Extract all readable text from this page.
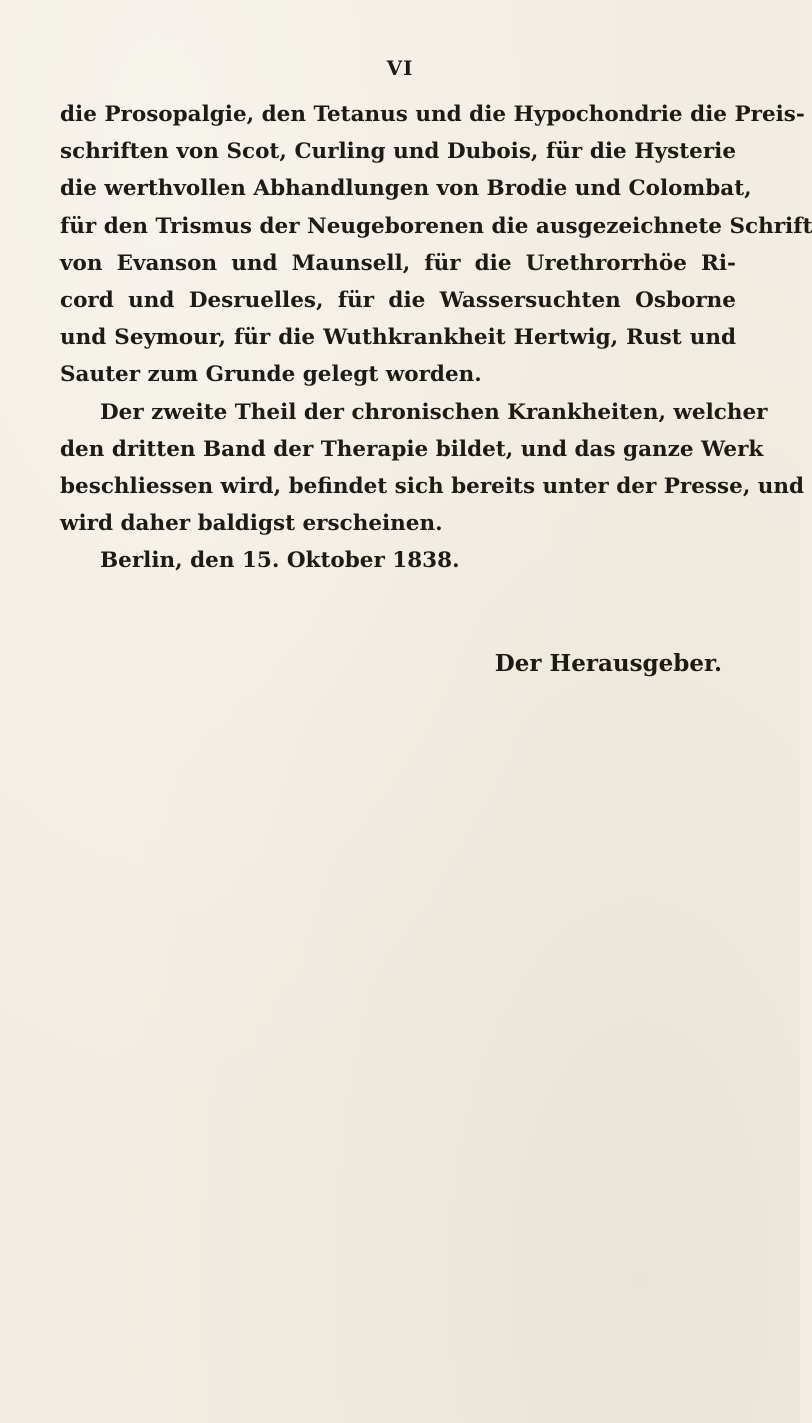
VI
die Prosopalgie, den Tetanus und die Hypochondrie die Preis-
schriften von Scot, Curling und Dubois, für die Hysterie
die werthvollen Abhandlungen von Brodie und Colombat,
für den Trismus der Neugeborenen die ausgezeichnete Schrift
von Evanson und Maunsell, für die Urethrorrhöe Ri-
cord und Desruelles, für die Wassersuchten Osborne
und Seymour, für die Wuthkrankheit Hertwig, Rust und
Sauter zum Grunde gelegt worden.
Der zweite Theil der chronischen Krankheiten, welcher
den dritten Band der Therapie bildet, und das ganze Werk
beschliessen wird, befindet sich bereits unter der Presse, und
wird daher baldigst erscheinen.
Berlin, den 15. Oktober 1838.
Der Herausgeber.
